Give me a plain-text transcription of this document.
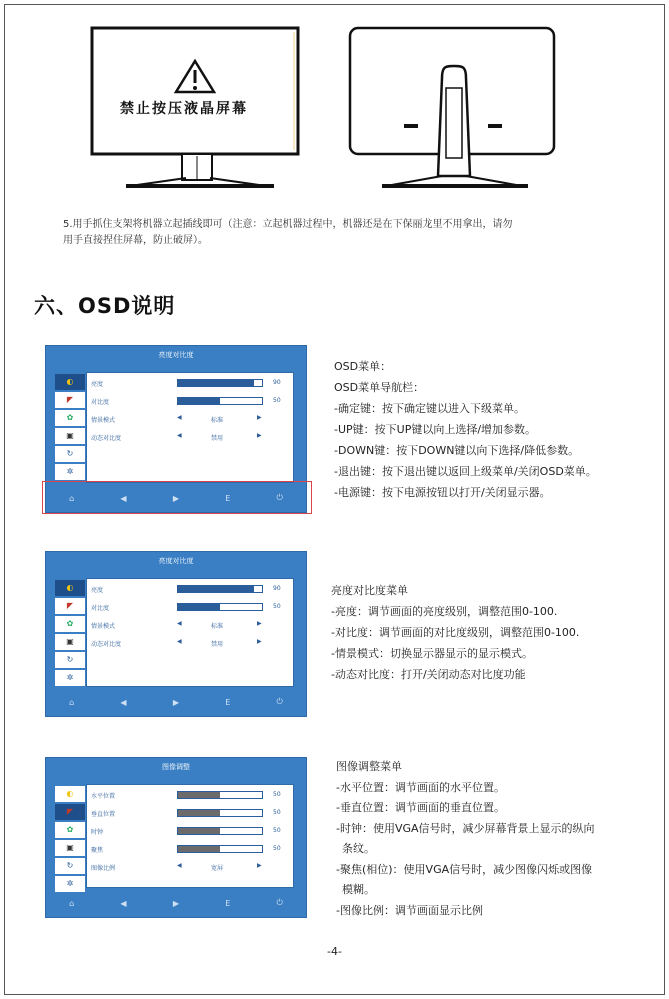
禁止按压液晶屏幕
5.用手抓住支架将机器立起插线即可（注意：立起机器过程中，机器还是在下保丽龙里不用拿出，请勿
用手直接捏住屏幕，防止破屏）。
六、OSD说明
亮度对比度
◐
◤
✿
▣
↻
✲
亮度	90
对比度	50
情景模式	◀	标准	▶
动态对比度	◀	禁用	▶
⌂	◀	▶	E	⏻
亮度对比度
◐
◤
✿
▣
↻
✲
亮度	90
对比度	50
情景模式	◀	标准	▶
动态对比度	◀	禁用	▶
⌂	◀	▶	E	⏻
图像调整
◐
◤
✿
▣
↻
✲
水平位置	50
垂直位置	50
时钟	50
聚焦	50
图像比例	◀	宽屏	▶
⌂	◀	▶	E	⏻

OSD菜单：

OSD菜单导航栏：

-确定键：按下确定键以进入下级菜单。

-UP键：按下UP键以向上选择/增加参数。

-DOWN键：按下DOWN键以向下选择/降低参数。

-退出键：按下退出键以返回上级菜单/关闭OSD菜单。

-电源键：按下电源按钮以打开/关闭显示器。

亮度对比度菜单

-亮度：调节画面的亮度级别，调整范围0-100.

-对比度：调节画面的对比度级别，调整范围0-100.

-情景模式：切换显示器显示的显示模式。

-动态对比度：打开/关闭动态对比度功能

图像调整菜单

-水平位置：调节画面的水平位置。

-垂直位置：调节画面的垂直位置。

-时钟：使用VGA信号时，减少屏幕背景上显示的纵向

条纹。

-聚焦(相位)：使用VGA信号时，减少图像闪烁或图像

模糊。

-图像比例：调节画面显示比例

-4-
